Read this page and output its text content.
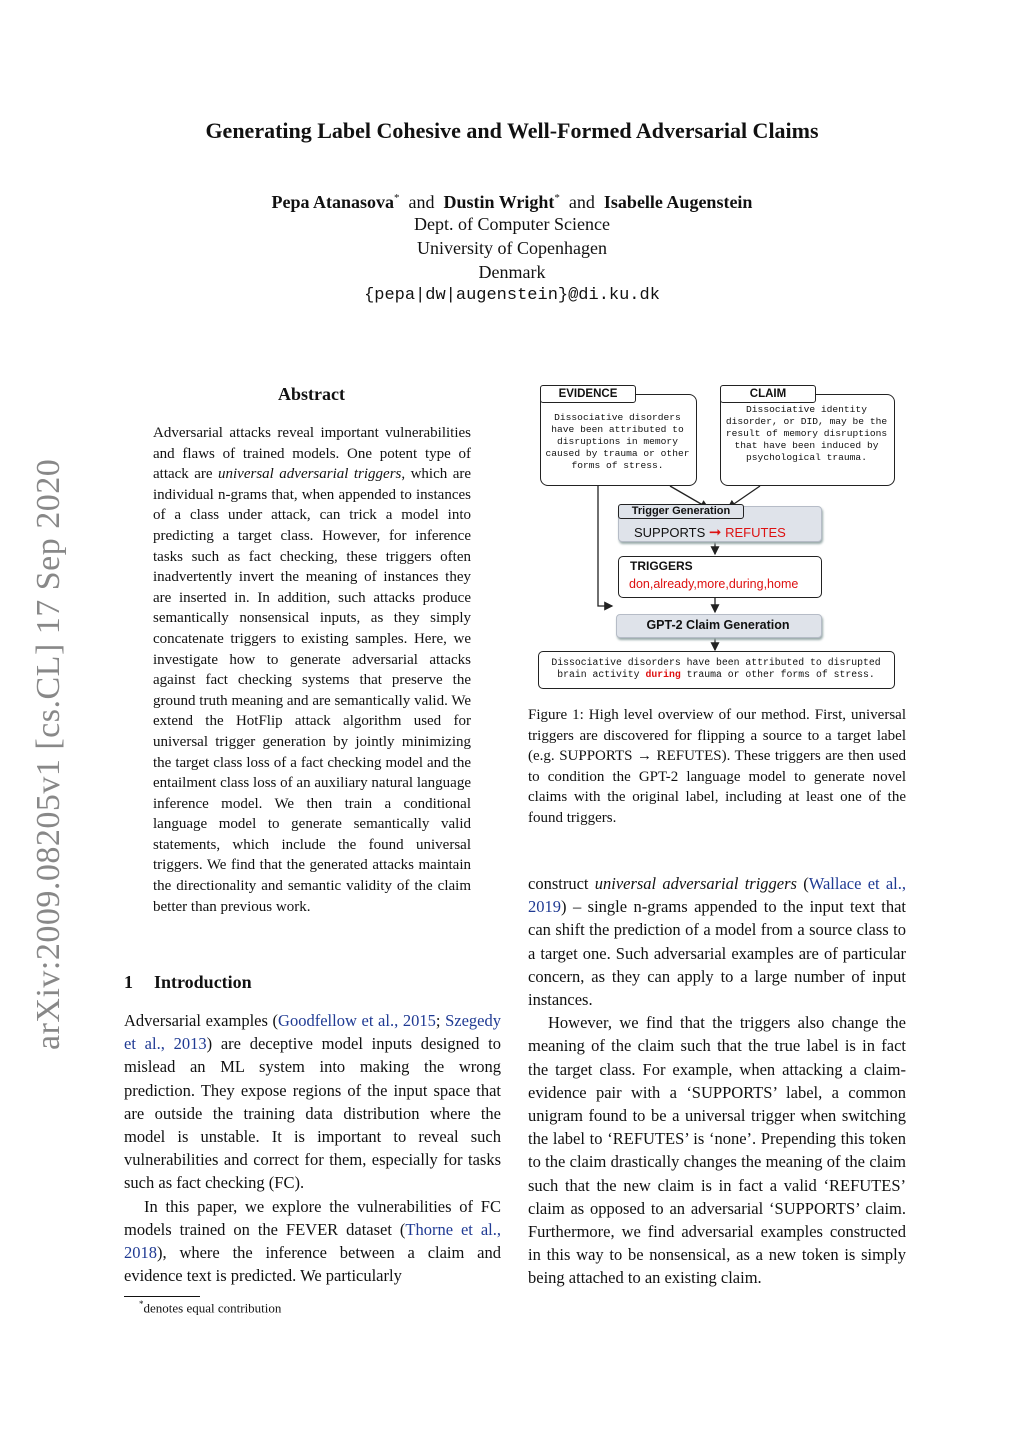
Generating Label Cohesive and Well-Formed Adversarial Claims
Pepa Atanasova* and Dustin Wright* and Isabelle Augenstein
Dept. of Computer Science
University of Copenhagen
Denmark
{pepa|dw|augenstein}@di.ku.dk
arXiv:2009.08205v1 [cs.CL] 17 Sep 2020
Abstract
Adversarial attacks reveal important vulnerabilities and flaws of trained models. One potent type of attack are universal adversarial triggers, which are individual n-grams that, when appended to instances of a class under attack, can trick a model into predicting a target class. However, for inference tasks such as fact checking, these triggers often inadvertently invert the meaning of instances they are inserted in. In addition, such attacks produce semantically nonsensical inputs, as they simply concatenate triggers to existing samples. Here, we investigate how to generate adversarial attacks against fact checking systems that preserve the ground truth meaning and are semantically valid. We extend the HotFlip attack algorithm used for universal trigger generation by jointly minimizing the target class loss of a fact checking model and the entailment class loss of an auxiliary natural language inference model. We then train a conditional language model to generate semantically valid statements, which include the found universal triggers. We find that the generated attacks maintain the directionality and semantic validity of the claim better than previous work.
1 Introduction

Adversarial examples (Goodfellow et al., 2015; Szegedy et al., 2013) are deceptive model inputs designed to mislead an ML system into making the wrong prediction. They expose regions of the input space that are outside the training data distribution where the model is unstable. It is important to reveal such vulnerabilities and correct for them, especially for tasks such as fact checking (FC).

In this paper, we explore the vulnerabilities of FC models trained on the FEVER dataset (Thorne et al., 2018), where the inference between a claim and evidence text is predicted. We particularly

*denotes equal contribution
EVIDENCE
Dissociative disorders have been attributed to disruptions in memory caused by trauma or other forms of stress.
CLAIM
Dissociative identity disorder, or DID, may be the result of memory disruptions that have been induced by psychological trauma.
Trigger Generation
SUPPORTS ➞ REFUTES
TRIGGERS
don,already,more,during,home
GPT-2 Claim Generation
Dissociative disorders have been attributed to disrupted brain activity during trauma or other forms of stress.
Figure 1: High level overview of our method. First, universal triggers are discovered for flipping a source to a target label (e.g. SUPPORTS → REFUTES). These triggers are then used to condition the GPT-2 language model to generate novel claims with the original label, including at least one of the found triggers.

construct universal adversarial triggers (Wallace et al., 2019) – single n-grams appended to the input text that can shift the prediction of a model from a source class to a target one. Such adversarial examples are of particular concern, as they can apply to a large number of input instances.

However, we find that the triggers also change the meaning of the claim such that the true label is in fact the target class. For example, when attacking a claim-evidence pair with a ‘SUPPORTS’ label, a common unigram found to be a universal trigger when switching the label to ‘REFUTES’ is ‘none’. Prepending this token to the claim drastically changes the meaning of the claim such that the new claim is in fact a valid ‘REFUTES’ claim as opposed to an adversarial ‘SUPPORTS’ claim. Furthermore, we find adversarial examples constructed in this way to be nonsensical, as a new token is simply being attached to an existing claim.
